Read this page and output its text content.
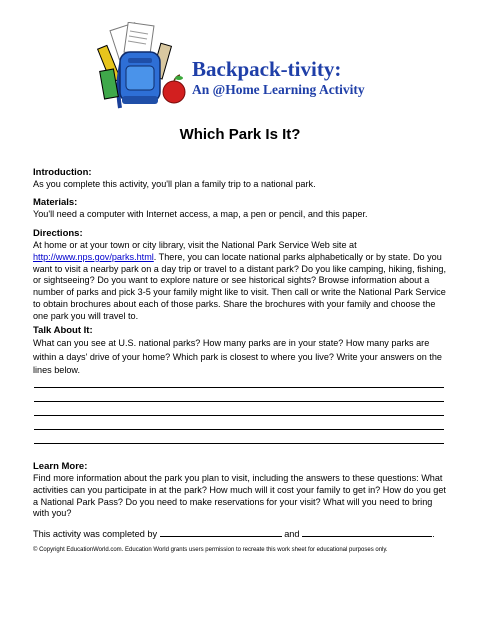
Backpack-tivity:
An @Home Learning Activity
Which Park Is It?
Introduction:

As you complete this activity, you'll plan a family trip to a national park.

Materials:

You'll need a computer with Internet access, a map, a pen or pencil, and this paper.

Directions:

At home or at your town or city library, visit the National Park Service Web site at http://www.nps.gov/parks.html. There, you can locate national parks alphabetically or by state. Do you want to visit a nearby park on a day trip or travel to a distant park? Do you like camping, hiking, fishing, or sightseeing? Do you want to explore nature or see historical sights? Browse information about a number of parks and pick 3-5 your family might like to visit. Then call or write the National Park Service to obtain brochures about each of those parks. Share the brochures with your family and choose the one park you will travel to.

Talk About It:

What can you see at U.S. national parks? How many parks are in your state? How many parks are within a days' drive of your home? Which park is closest to where you live? Write your answers on the lines below.

Learn More:

Find more information about the park you plan to visit, including the answers to these questions: What activities can you participate in at the park? How much will it cost your family to get in? How do you get a National Park Pass? Do you need to make reservations for your visit? What will you need to bring with you?

This activity was completed by	and	.
© Copyright EducationWorld.com. Education World grants users permission to recreate this work sheet for educational purposes only.
